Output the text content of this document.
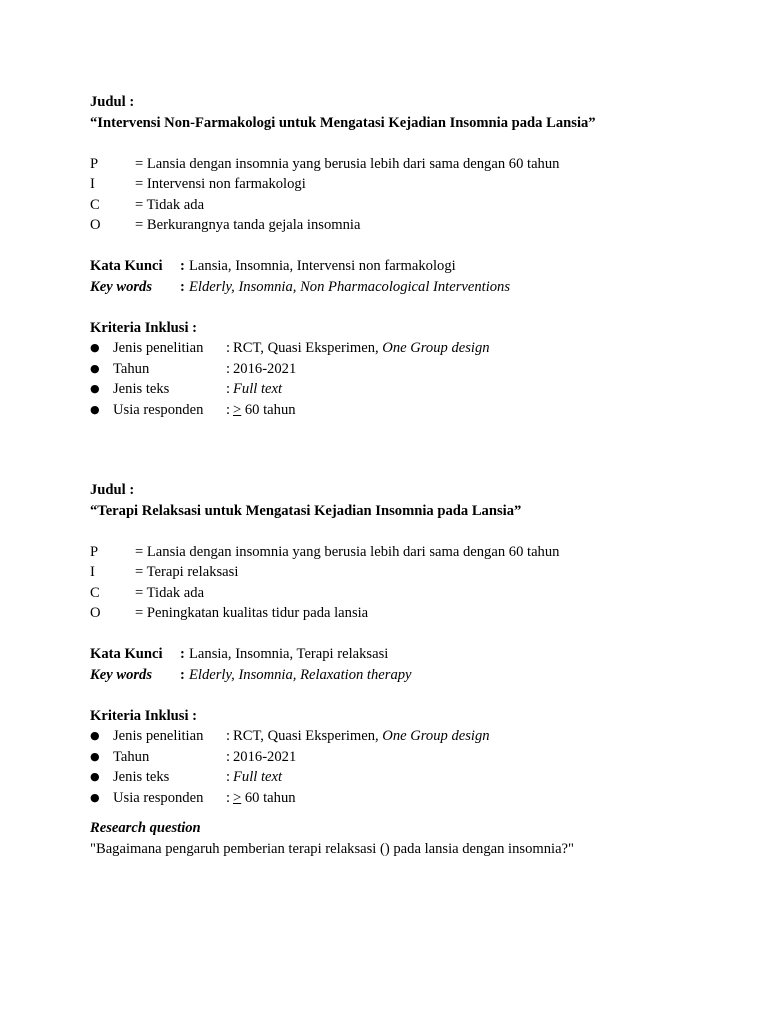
Judul :
“Intervensi Non-Farmakologi untuk Mengatasi Kejadian Insomnia pada Lansia”
P	= Lansia dengan insomnia yang berusia lebih dari sama dengan 60 tahun
I	= Intervensi non farmakologi
C = Tidak ada
O = Berkurangnya tanda gejala insomnia
Kata Kunci : Lansia, Insomnia, Intervensi non farmakologi
Key words : Elderly, Insomnia, Non Pharmacological Interventions
Kriteria Inklusi :
● Jenis penelitian : RCT, Quasi Eksperimen, One Group design
● Tahun	: 2016-2021
● Jenis teks	: Full text
● Usia responden : > 60 tahun
Judul :
“Terapi Relaksasi untuk Mengatasi Kejadian Insomnia pada Lansia”
P	= Lansia dengan insomnia yang berusia lebih dari sama dengan 60 tahun
I	= Terapi relaksasi
C = Tidak ada
O = Peningkatan kualitas tidur pada lansia
Kata Kunci : Lansia, Insomnia, Terapi relaksasi
Key words : Elderly, Insomnia, Relaxation therapy
Kriteria Inklusi :
● Jenis penelitian : RCT, Quasi Eksperimen, One Group design
● Tahun	: 2016-2021
● Jenis teks	: Full text
● Usia responden : > 60 tahun
Research question
"Bagaimana pengaruh pemberian terapi relaksasi () pada lansia dengan insomnia?"
